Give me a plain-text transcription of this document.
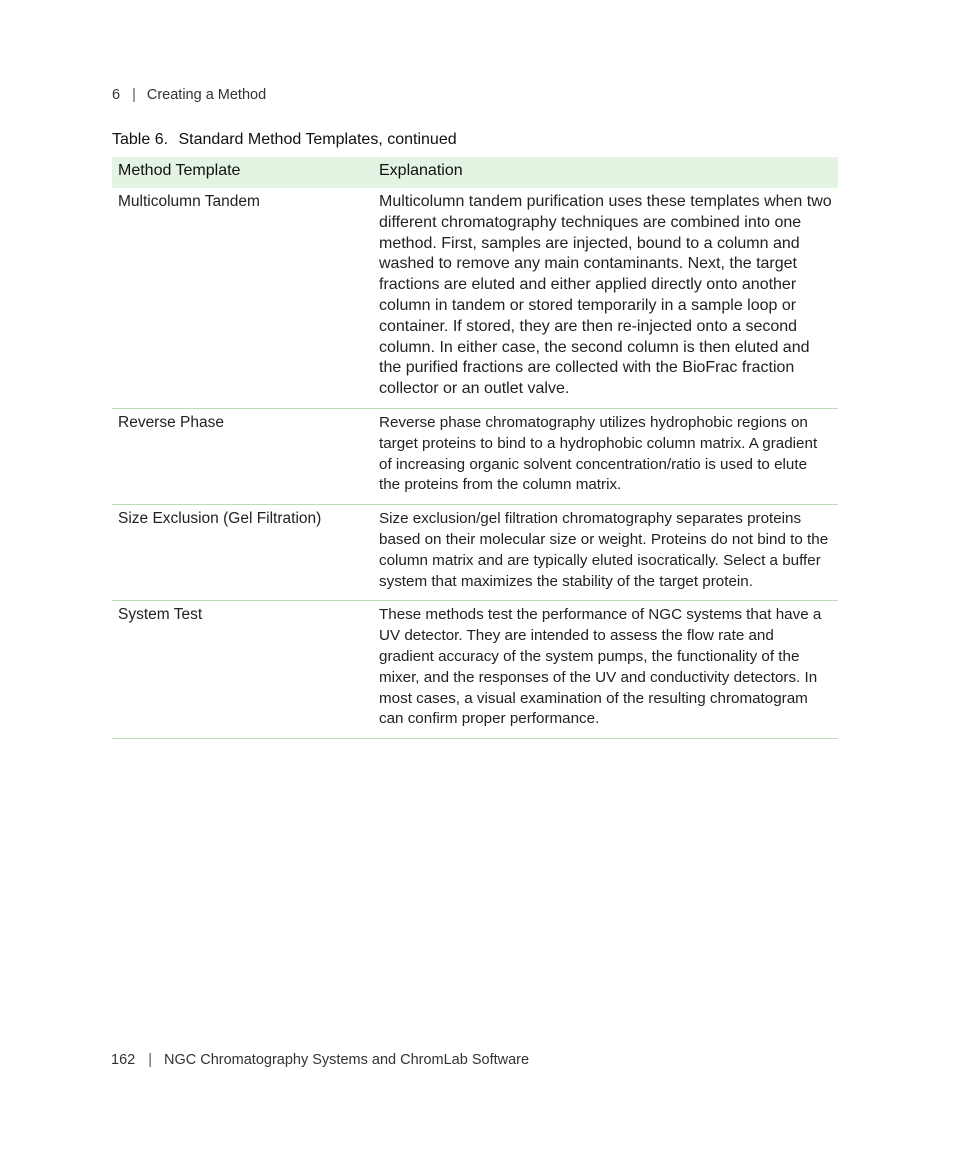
6 | Creating a Method
Table 6. Standard Method Templates, continued
Method Template	Explanation
Multicolumn Tandem	Multicolumn tandem purification uses these templates when two different chromatography techniques are combined into one method. First, samples are injected, bound to a column and washed to remove any main contaminants. Next, the target fractions are eluted and either applied directly onto another column in tandem or stored temporarily in a sample loop or container. If stored, they are then re-injected onto a second column. In either case, the second column is then eluted and the purified fractions are collected with the BioFrac fraction collector or an outlet valve.
Reverse Phase	Reverse phase chromatography utilizes hydrophobic regions on target proteins to bind to a hydrophobic column matrix. A gradient of increasing organic solvent concentration/ratio is used to elute the proteins from the column matrix.
Size Exclusion (Gel Filtration)	Size exclusion/gel filtration chromatography separates proteins based on their molecular size or weight. Proteins do not bind to the column matrix and are typically eluted isocratically. Select a buffer system that maximizes the stability of the target protein.
System Test	These methods test the performance of NGC systems that have a UV detector. They are intended to assess the flow rate and gradient accuracy of the system pumps, the functionality of the mixer, and the responses of the UV and conductivity detectors. In most cases, a visual examination of the resulting chromatogram can confirm proper performance.
162 | NGC Chromatography Systems and ChromLab Software
